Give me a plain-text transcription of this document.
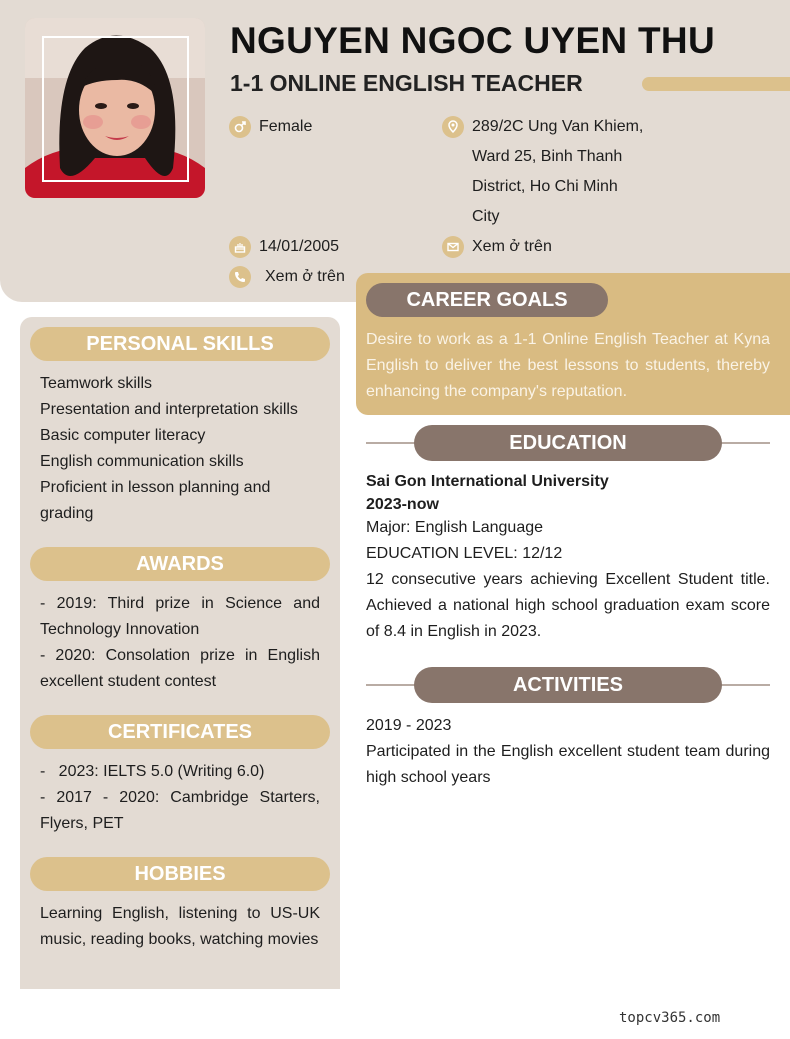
NGUYEN NGOC UYEN THU
1-1 ONLINE ENGLISH TEACHER
Female	289/2C Ung Van Khiem,
Ward 25, Binh Thanh
District, Ho Chi Minh
City
14/01/2005	Xem ở trên
Xem ở trên
PERSONAL SKILLS
Teamwork skills
Presentation and interpretation skills
Basic computer literacy
English communication skills
Proficient in lesson planning and
grading
AWARDS
- 2019: Third prize in Science and Technology Innovation
- 2020: Consolation prize in English excellent student contest
CERTIFICATES
-   2023: IELTS 5.0 (Writing 6.0)
- 2017 - 2020: Cambridge Starters, Flyers, PET
HOBBIES
Learning English, listening to US-UK music, reading books, watching movies
CAREER GOALS
Desire to work as a 1-1 Online English Teacher at Kyna English to deliver the best lessons to students, thereby enhancing the company's reputation.
EDUCATION
Sai Gon International University
2023-now
Major: English Language
EDUCATION LEVEL: 12/12
12 consecutive years achieving Excellent Student title. Achieved a national high school graduation exam score of 8.4 in English in 2023.
ACTIVITIES
2019 - 2023
Participated in the English excellent student team during high school years
topcv365.com
